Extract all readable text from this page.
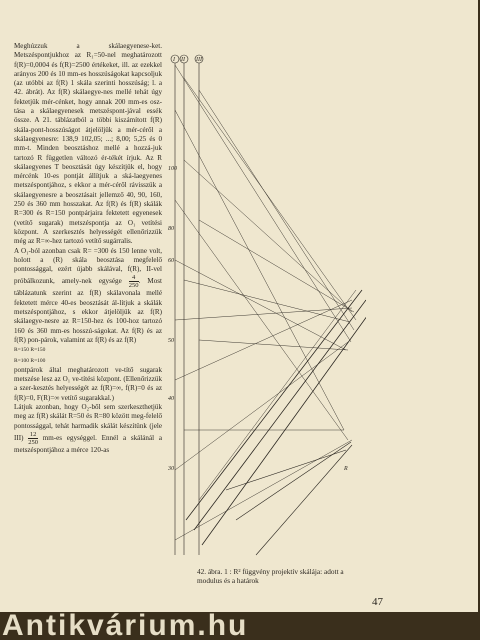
Meghúzzuk a skálaegyenese-ket. Metszéspontjukhoz az R₁=50-nel meghatározott f(R)=0,0004 és f(R)=2500 értékeket, ill. az ezekkel arányos 200 és 10 mm-es hosszúságokat kapcsoljuk (az utóbbi az f(R) 1 skála szerinti hosszúság; l. a 42. ábrát). Az f(R) skálaegye-nes mellé tehát úgy fektetjük mér-cénket, hogy annak 200 mm-es osz-tása a skálaegyenesek metszéspont-jával essék össze. A 21. táblázatból a többi kiszámított f(R) skála-pont-hosszúságot átjelöljük a mér-céről a skálaegyenesre: 138,9 102,05; ...; 8,00; 5,25 és 0 mm-t. Minden beosztáshoz mellé a hozzá-juk tartozó R független változó ér-tékét írjuk. Az R skálaegyenes T beosztását úgy készítjük el, hogy mércénk 10-es pontját állítjuk a ská-laegyenes metszéspontjához, s ekkor a mér-céről rávisszük a skálaegyenesre a beosztásait jellemző 40, 90, 160, 250 és 360 mm hosszakat. Az f(R) és f(R) skálák R=300 és R=150 pontpárjaira fektetett egyenesek (vetítő sugarak) metszéspontja az O₁ vetítési központ. A szerkesztés helyességét ellenőrizzük még az R=∞-hez tartozó vetítő sugárralis.

A O₁-ból azonban csak R= =300 és 150 lenne volt, holott a (R) skála beosztása megfelelő pontossággal, ezért újabb skálával, f(R), II-vel próbálkozunk, amely-nek egysége $\frac{4}{250}$ . Most táblázatunk szerint az f(R) skálavonala mellé fektetett mérce 40-es beosztását ál-lítjuk a skálák metszéspontjához, s ekkor átjelöljük az f(R) skálaegye-nesre az R=150-hez és 100-hoz tartozó 160 és 360 mm-es hosszú-ságokat. Az f(R) és az f(R) pon-párok, valamint az f(R) és az f(R)
R=150 R=150
R=100 R=100
pontpárok által meghatározott ve-títő sugarak metszése lesz az O₁ ve-títési központ. (Ellenőrizzük a szer-kesztés helyességét az f(R)=∞, f(R)=0 és az f(R)=0, F(R)=∞ vetítő sugarakkal.)

Látjuk azonban, hogy O₂-ből sem szerkeszthetjük meg az f(R) skálát R=50 és R=80 között meg-felelő pontossággal, tehát harmadik skálát készítünk (jele $III) \frac{12}{250} mm-es$ egységgel. Ennél a skálánál a metszéspontjához a mérce 120-as

I II III
100
80
60
50
40
30	R
42. ábra. 1 : R² függvény projektív skálája: adott a modulus és a határok
47
Antikvárium.hu
